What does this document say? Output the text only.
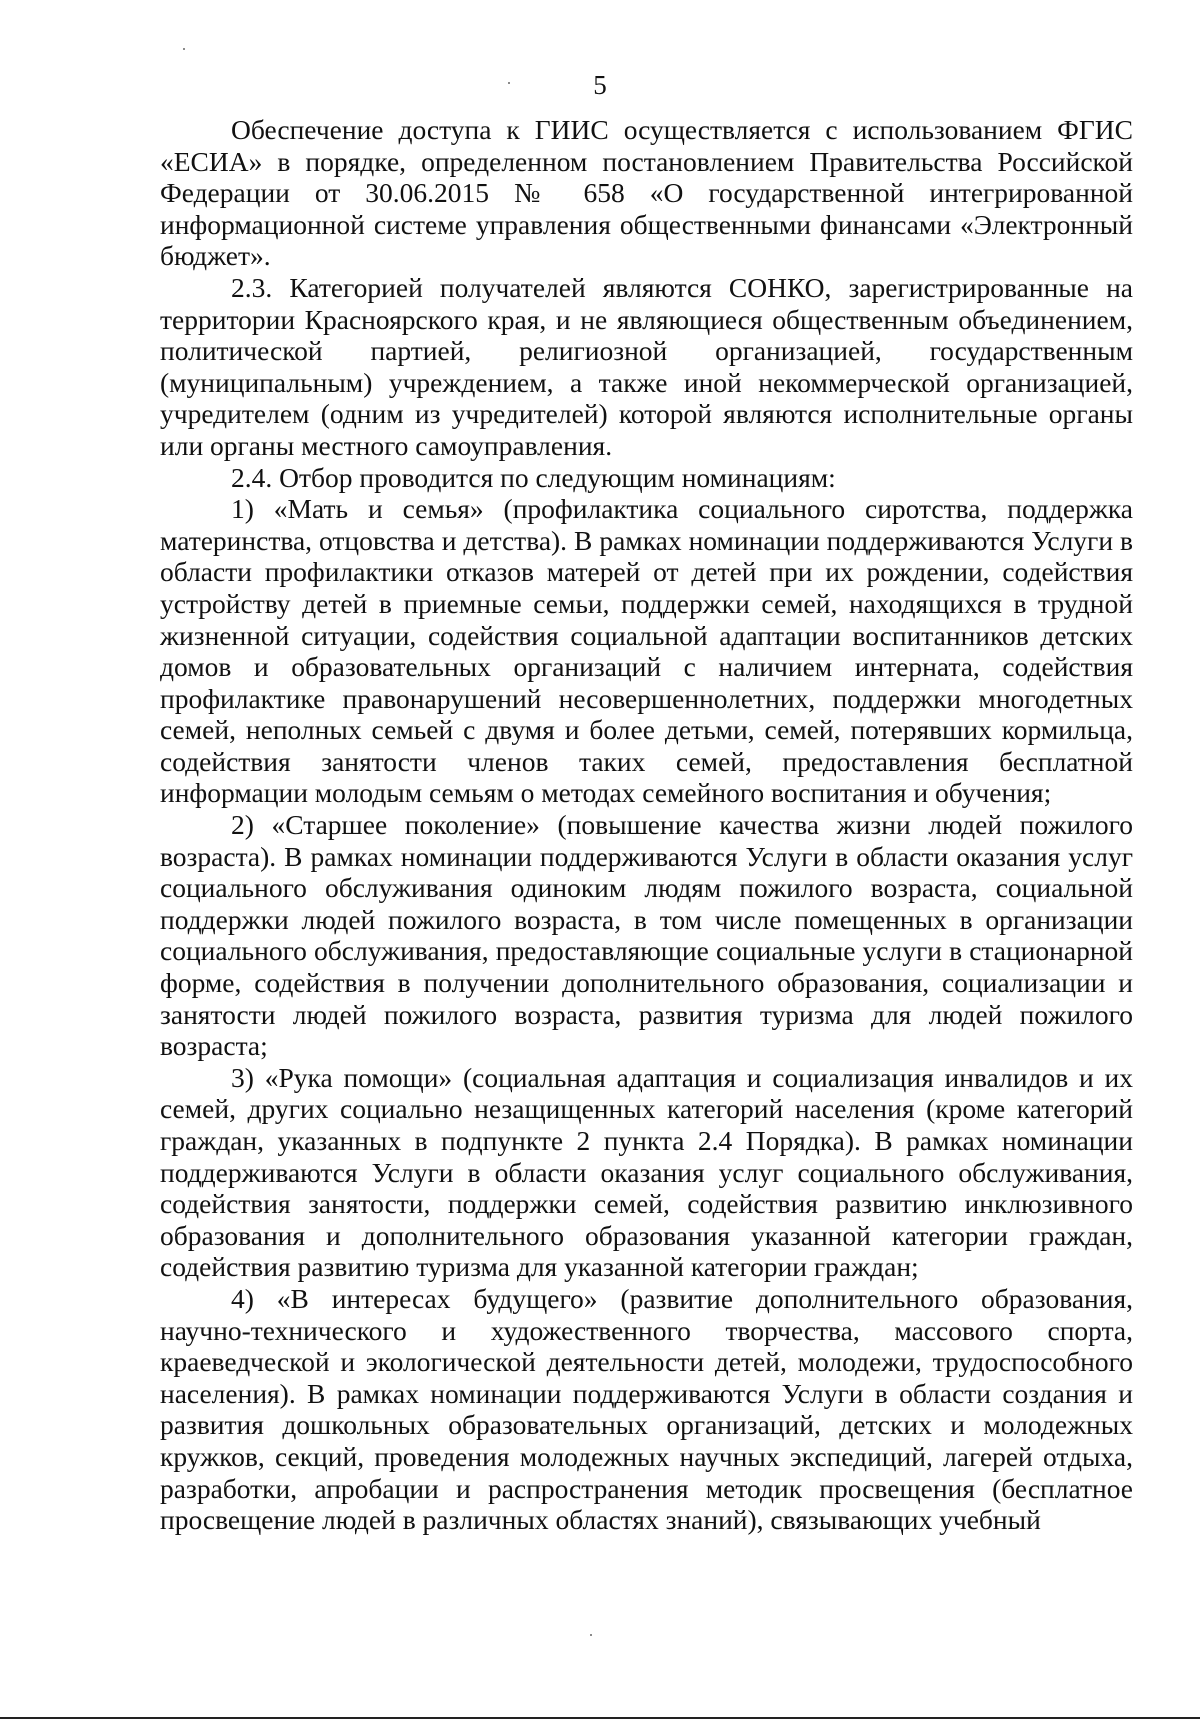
5

Обеспечение доступа к ГИИС осуществляется с использованием ФГИС «ЕСИА» в порядке, определенном постановлением Правительства Российской Федерации от 30.06.2015 № 658 «О государственной интегрированной информационной системе управления общественными финансами «Электронный бюджет».

2.3. Категорией получателей являются СОНКО, зарегистрированные на территории Красноярского края, и не являющиеся общественным объединением, политической партией, религиозной организацией, государственным (муниципальным) учреждением, а также иной некоммерческой организацией, учредителем (одним из учредителей) которой являются исполнительные органы или органы местного самоуправления.

2.4. Отбор проводится по следующим номинациям:

1) «Мать и семья» (профилактика социального сиротства, поддержка материнства, отцовства и детства). В рамках номинации поддерживаются Услуги в области профилактики отказов матерей от детей при их рождении, содействия устройству детей в приемные семьи, поддержки семей, находящихся в трудной жизненной ситуации, содействия социальной адаптации воспитанников детских домов и образовательных организаций с наличием интерната, содействия профилактике правонарушений несовершеннолетних, поддержки многодетных семей, неполных семьей с двумя и более детьми, семей, потерявших кормильца, содействия занятости членов таких семей, предоставления бесплатной информации молодым семьям о методах семейного воспитания и обучения;

2) «Старшее поколение» (повышение качества жизни людей пожилого возраста). В рамках номинации поддерживаются Услуги в области оказания услуг социального обслуживания одиноким людям пожилого возраста, социальной поддержки людей пожилого возраста, в том числе помещенных в организации социального обслуживания, предоставляющие социальные услуги в стационарной форме, содействия в получении дополнительного образования, социализации и занятости людей пожилого возраста, развития туризма для людей пожилого возраста;

3) «Рука помощи» (социальная адаптация и социализация инвалидов и их семей, других социально незащищенных категорий населения (кроме категорий граждан, указанных в подпункте 2 пункта 2.4 Порядка). В рамках номинации поддерживаются Услуги в области оказания услуг социального обслуживания, содействия занятости, поддержки семей, содействия развитию инклюзивного образования и дополнительного образования указанной категории граждан, содействия развитию туризма для указанной категории граждан;

4) «В интересах будущего» (развитие дополнительного образования, научно-технического и художественного творчества, массового спорта, краеведческой и экологической деятельности детей, молодежи, трудоспособного населения). В рамках номинации поддерживаются Услуги в области создания и развития дошкольных образовательных организаций, детских и молодежных кружков, секций, проведения молодежных научных экспедиций, лагерей отдыха, разработки, апробации и распространения методик просвещения (бесплатное просвещение людей в различных областях знаний), связывающих учебный
